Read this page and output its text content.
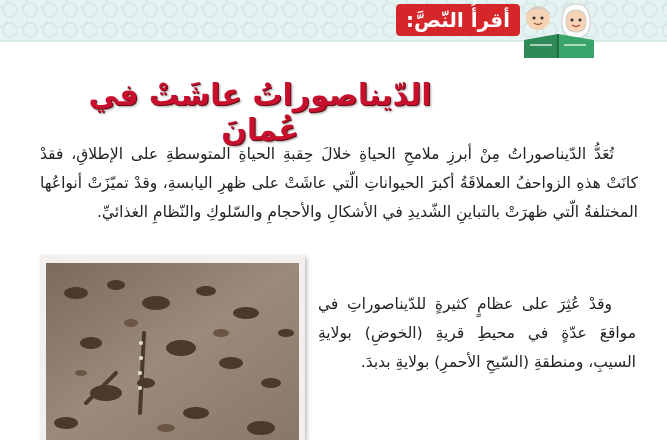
أقرأُ النّصَّ:
الدّيناصوراتُ عاشَتْ في عُمانَ

تُعَدُّ الدّيناصوراتُ مِنْ أبرزِ ملامحِ الحياةِ خلالَ حِقبةِ الحياةِ المتوسطةِ على الإطلاقِ، فقدْ كانَتْ هذهِ الزواحفُ العملاقَةُ أكبرَ الحيواناتِ الّتي عاشَتْ على ظهرِ اليابسةِ، وقدْ تميّزَتْ أنواعُها المختلفةُ الّتي ظهرَتْ بالتباينِ الشّديدِ في الأشكالِ والأحجامِ والسّلوكِ والنّظامِ الغذائيِّ.

وقدْ عُثِرَ على عظامٍ كثيرةٍ للدّيناصوراتِ في مواقعَ عدّةٍ في محيطِ قريةِ (الخوضِ) بولايةِ السيبِ، ومنطقةِ (السّيحِ الأحمرِ) بولايةِ بدبدَ.
